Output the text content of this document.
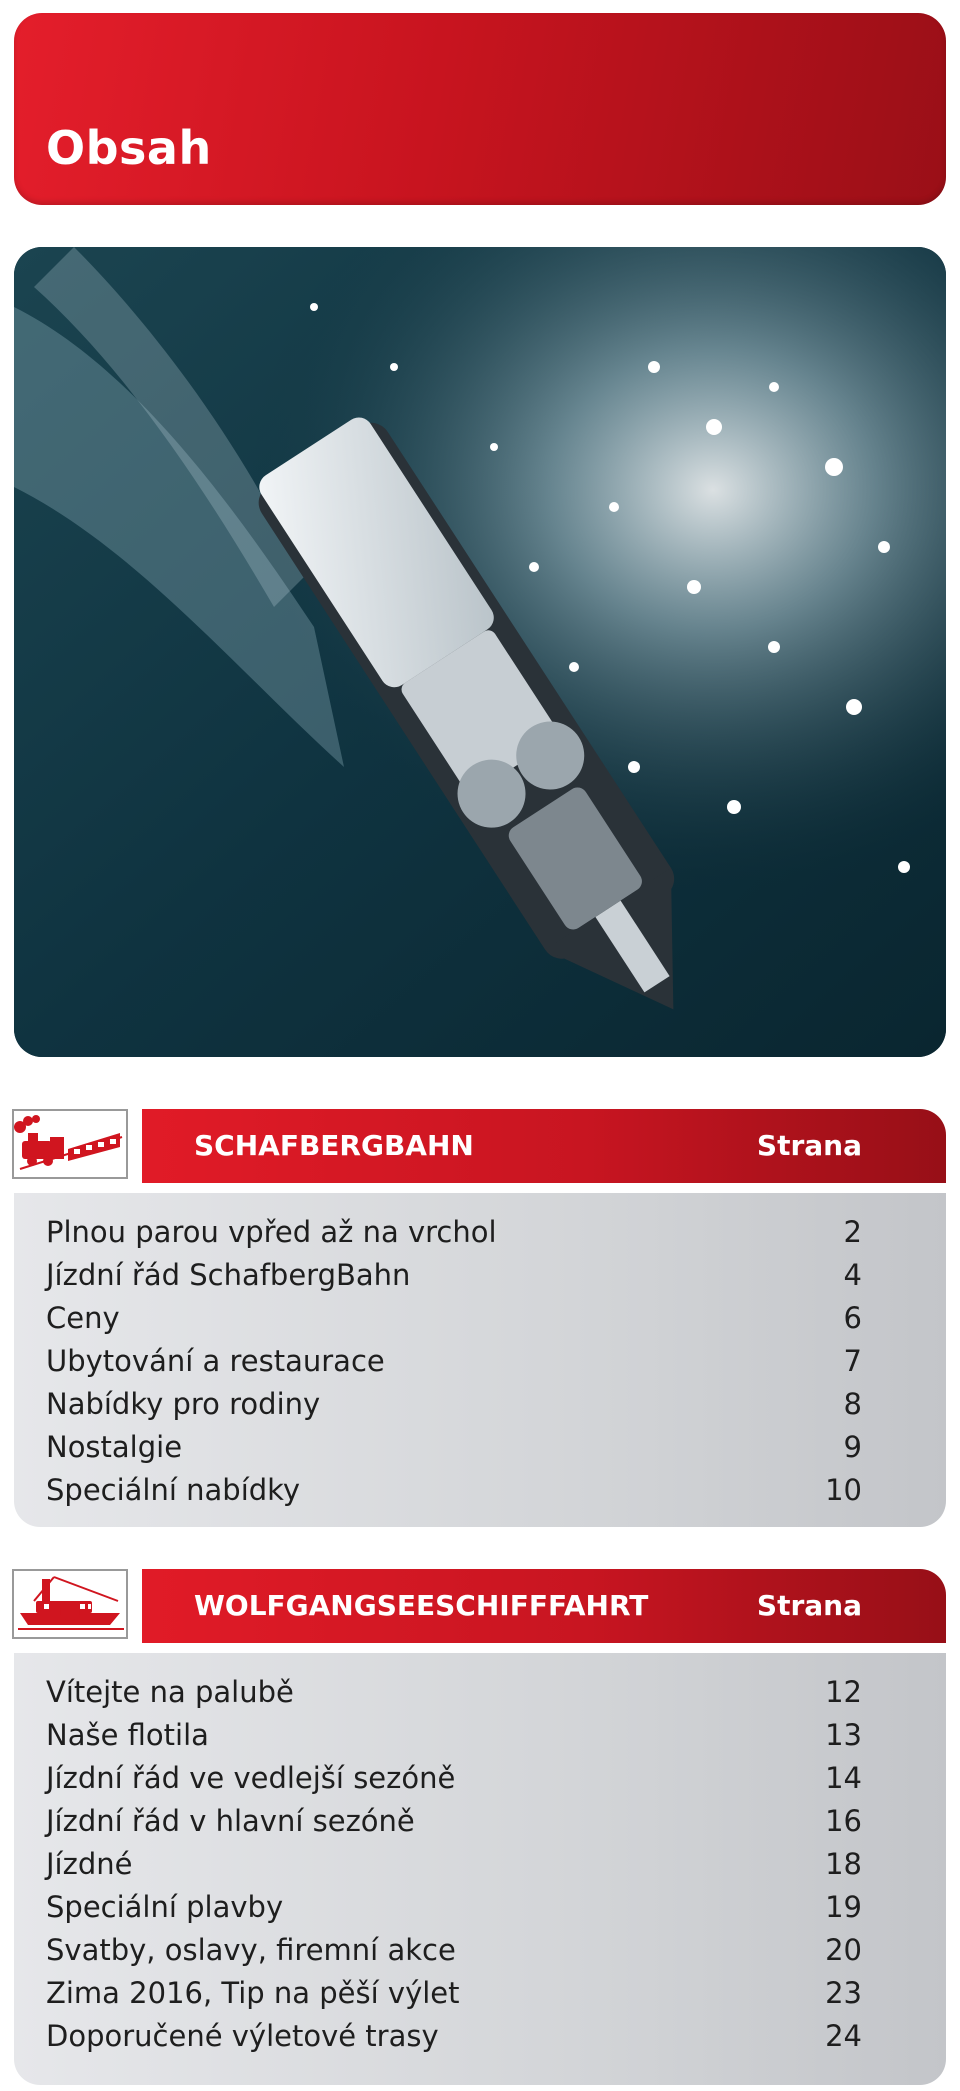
Obsah
SCHAFBERGBAHN	Strana
Plnou parou vpřed až na vrchol	2
Jízdní řád SchafbergBahn	4
Ceny	6
Ubytování a restaurace	7
Nabídky pro rodiny	8
Nostalgie	9
Speciální nabídky	10
WOLFGANGSEESCHIFFFAHRT	Strana
Vítejte na palubě	12
Naše flotila	13
Jízdní řád ve vedlejší sezóně	14
Jízdní řád v hlavní sezóně	16
Jízdné	18
Speciální plavby	19
Svatby, oslavy, firemní akce	20
Zima 2016, Tip na pěší výlet	23
Doporučené výletové trasy	24
